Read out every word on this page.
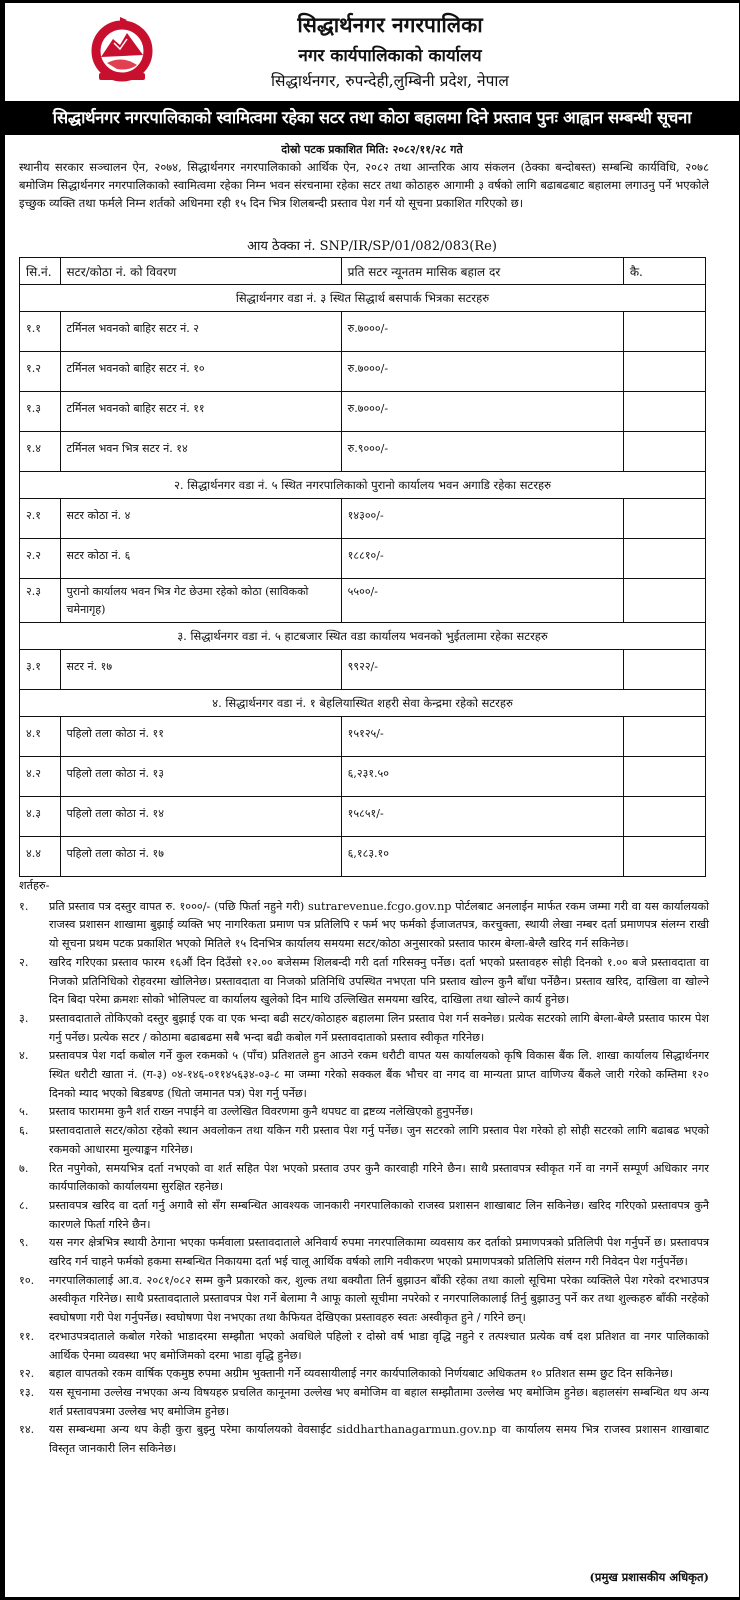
सिद्धार्थनगर नगरपालिका
नगर कार्यपालिकाको कार्यालय
सिद्धार्थनगर, रुपन्देही,लुम्बिनी प्रदेश, नेपाल
सिद्धार्थनगर नगरपालिकाको स्वामित्वमा रहेका सटर तथा कोठा बहालमा दिने प्रस्ताव पुनः आह्वान सम्बन्धी सूचना
दोस्रो पटक प्रकाशित मिति: २०८२/११/२८ गते
स्थानीय सरकार सञ्चालन ऐन, २०७४, सिद्धार्थनगर नगरपालिकाको आर्थिक ऐन, २०८२ तथा आन्तरिक आय संकलन (ठेक्का बन्दोबस्त) सम्बन्धि कार्यविधि, २०७८ बमोजिम सिद्धार्थनगर नगरपालिकाको स्वामित्वमा रहेका निम्न भवन संरचनामा रहेका सटर तथा कोठाहरु आगामी ३ वर्षको लागि बढाबढबाट बहालमा लगाउनु पर्ने भएकोले इच्छुक व्यक्ति तथा फर्मले निम्न शर्तको अधिनमा रही १५ दिन भित्र शिलबन्दी प्रस्ताव पेश गर्न यो सूचना प्रकाशित गरिएको छ।
आय ठेक्का नं. SNP/IR/SP/01/082/083(Re)
सि.नं.	सटर/कोठा नं. को विवरण	प्रति सटर न्यूनतम मासिक बहाल दर	कै.
सिद्धार्थनगर वडा नं. ३ स्थित सिद्धार्थ बसपार्क भित्रका सटरहरु			
१.१	टर्मिनल भवनको बाहिर सटर नं. २	रु.७०००/-	
१.२	टर्मिनल भवनको बाहिर सटर नं. १०	रु.७०००/-	
१.३	टर्मिनल भवनको बाहिर सटर नं. ११	रु.७०००/-	
१.४	टर्मिनल भवन भित्र सटर नं. १४	रु.९०००/-	
२. सिद्धार्थनगर वडा नं. ५ स्थित नगरपालिकाको पुरानो कार्यालय भवन अगाडि रहेका सटरहरु			
२.१	सटर कोठा नं. ४	१४३००/-	
२.२	सटर कोठा नं. ६	१८८१०/-	
२.३	पुरानो कार्यालय भवन भित्र गेट छेउमा रहेको कोठा (साविकको चमेनागृह)	५५००/-	
३. सिद्धार्थनगर वडा नं. ५ हाटबजार स्थित वडा कार्यालय भवनको भुईतलामा रहेका सटरहरु			
३.१	सटर नं. १७	९९२२/-	
४. सिद्धार्थनगर वडा नं. १ बेहलियास्थित शहरी सेवा केन्द्रमा रहेको सटरहरु			
४.१	पहिलो तला कोठा नं. ११	१५१२५/-	
४.२	पहिलो तला कोठा नं. १३	६,२३१.५०	
४.३	पहिलो तला कोठा नं. १४	१५८५१/-	
४.४	पहिलो तला कोठा नं. १७	६,१८३.१०	

शर्तहरु-

१.	प्रति प्रस्ताव पत्र दस्तुर वापत रु. १०००/- (पछि फिर्ता नहुने गरी) sutrarevenue.fcgo.gov.np पोर्टलबाट अनलाईन मार्फत रकम जम्मा गरी वा यस कार्यालयको राजस्व प्रशासन शाखामा बुझाई व्यक्ति भए नागरिकता प्रमाण पत्र प्रतिलिपि र फर्म भए फर्मको ईजाजतपत्र, करचुक्ता, स्थायी लेखा नम्बर दर्ता प्रमाणपत्र संलग्न राखी यो सूचना प्रथम पटक प्रकाशित भएको मितिले १५ दिनभित्र कार्यालय समयमा सटर/कोठा अनुसारको प्रस्ताव फारम बेग्ला-बेग्लै खरिद गर्न सकिनेछ।
२.	खरिद गरिएका प्रस्ताव फारम १६औं दिन दिउँसो १२.०० बजेसम्म शिलबन्दी गरी दर्ता गरिसक्नु पर्नेछ। दर्ता भएको प्रस्तावहरु सोही दिनको १.०० बजे प्रस्तावदाता वा निजको प्रतिनिधिको रोहवरमा खोलिनेछ। प्रस्तावदाता वा निजको प्रतिनिधि उपस्थित नभएता पनि प्रस्ताव खोल्न कुनै बाँधा पर्नेछैन। प्रस्ताव खरिद, दाखिला वा खोल्ने दिन बिदा परेमा क्रमशः सोको भोलिपल्ट वा कार्यालय खुलेको दिन माथि उल्लिखित समयमा खरिद, दाखिला तथा खोल्ने कार्य हुनेछ।
३.	प्रस्तावदाताले तोकिएको दस्तुर बुझाई एक वा एक भन्दा बढी सटर/कोठाहरु बहालमा लिन प्रस्ताव पेश गर्न सक्नेछ। प्रत्येक सटरको लागि बेग्ला-बेग्लै प्रस्ताव फारम पेश गर्नु पर्नेछ। प्रत्येक सटर / कोठामा बढाबढमा सबै भन्दा बढी कबोल गर्ने प्रस्तावदाताको प्रस्ताव स्वीकृत गरिनेछ।
४.	प्रस्तावपत्र पेश गर्दा कबोल गर्ने कुल रकमको ५ (पाँच) प्रतिशतले हुन आउने रकम धरौटी वापत यस कार्यालयको कृषि विकास बैंक लि. शाखा कार्यालय सिद्धार्थनगर स्थित धरौटी खाता नं. (ग-३) ०४-१४६-०११४५६३४-०३-८ मा जम्मा गरेको सक्कल बैंक भौचर वा नगद वा मान्यता प्राप्त वाणिज्य बैंकले जारी गरेको कम्तिमा १२० दिनको म्याद भएको बिडबण्ड (धितो जमानत पत्र) पेश गर्नु पर्नेछ।
५.	प्रस्ताव फाराममा कुनै शर्त राख्न नपाईने वा उल्लेखित विवरणमा कुनै थपघट वा द्रष्टव्य नलेखिएको हुनुपर्नेछ।
६.	प्रस्तावदाताले सटर/कोठा रहेको स्थान अवलोकन तथा यकिन गरी प्रस्ताव पेश गर्नु पर्नेछ। जुन सटरको लागि प्रस्ताव पेश गरेको हो सोही सटरको लागि बढाबढ भएको रकमको आधारमा मुल्याङ्कन गरिनेछ।
७.	रित नपुगेको, समयभित्र दर्ता नभएको वा शर्त सहित पेश भएको प्रस्ताव उपर कुनै कारवाही गरिने छैन। साथै प्रस्तावपत्र स्वीकृत गर्ने वा नगर्ने सम्पूर्ण अधिकार नगर कार्यपालिकाको कार्यालयमा सुरक्षित रहनेछ।
८.	प्रस्तावपत्र खरिद वा दर्ता गर्नु अगावै सो सँग सम्बन्धित आवश्यक जानकारी नगरपालिकाको राजस्व प्रशासन शाखाबाट लिन सकिनेछ। खरिद गरिएको प्रस्तावपत्र कुनै कारणले फिर्ता गरिने छैन।
९.	यस नगर क्षेत्रभित्र स्थायी ठेगाना भएका फर्मवाला प्रस्तावदाताले अनिवार्य रुपमा नगरपालिकामा व्यवसाय कर दर्ताको प्रमाणपत्रको प्रतिलिपी पेश गर्नुपर्ने छ। प्रस्तावपत्र खरिद गर्न चाहने फर्मको हकमा सम्बन्धित निकायमा दर्ता भई चालू आर्थिक वर्षको लागि नवीकरण भएको प्रमाणपत्रको प्रतिलिपि संलग्न गरी निवेदन पेश गर्नुपर्नेछ।
१०.	नगरपालिकालाई आ.व. २०८१/०८२ सम्म कुनै प्रकारको कर, शुल्क तथा बक्यौता तिर्न बुझाउन बाँकी रहेका तथा कालो सूचिमा परेका व्यक्तिले पेश गरेको दरभाउपत्र अस्वीकृत गरिनेछ। साथै प्रस्तावदाताले प्रस्तावपत्र पेश गर्ने बेलामा नै आफू कालो सूचीमा नपरेको र नगरपालिकालाई तिर्नु बुझाउनु पर्ने कर तथा शुल्कहरु बाँकी नरहेको स्वघोषणा गरी पेश गर्नुपर्नेछ। स्वघोषणा पेश नभएका तथा कैफियत देखिएका प्रस्तावहरु स्वतः अस्वीकृत हुने / गरिने छन्।
११.	दरभाउपत्रदाताले कबोल गरेको भाडादरमा सम्झौता भएको अवधिले पहिलो र दोस्रो वर्ष भाडा वृद्धि नहुने र तत्पश्चात प्रत्येक वर्ष दश प्रतिशत वा नगर पालिकाको आर्थिक ऐनमा व्यवस्था भए बमोजिमको दरमा भाडा वृद्धि हुनेछ।
१२.	बहाल वापतको रकम वार्षिक एकमुष्ठ रुपमा अग्रीम भुक्तानी गर्ने व्यवसायीलाई नगर कार्यपालिकाको निर्णयबाट अधिकतम १० प्रतिशत सम्म छुट दिन सकिनेछ।
१३.	यस सूचनामा उल्लेख नभएका अन्य विषयहरु प्रचलित कानूनमा उल्लेख भए बमोजिम वा बहाल सम्झौतामा उल्लेख भए बमोजिम हुनेछ। बहालसंग सम्बन्धित थप अन्य शर्त प्रस्तावपत्रमा उल्लेख भए बमोजिम हुनेछ।
१४.	यस सम्बन्धमा अन्य थप केही कुरा बुझ्नु परेमा कार्यालयको वेवसाईट siddharthanagarmun.gov.np वा कार्यालय समय भित्र राजस्व प्रशासन शाखाबाट विस्तृत जानकारी लिन सकिनेछ।
(प्रमुख प्रशासकीय अधिकृत)
